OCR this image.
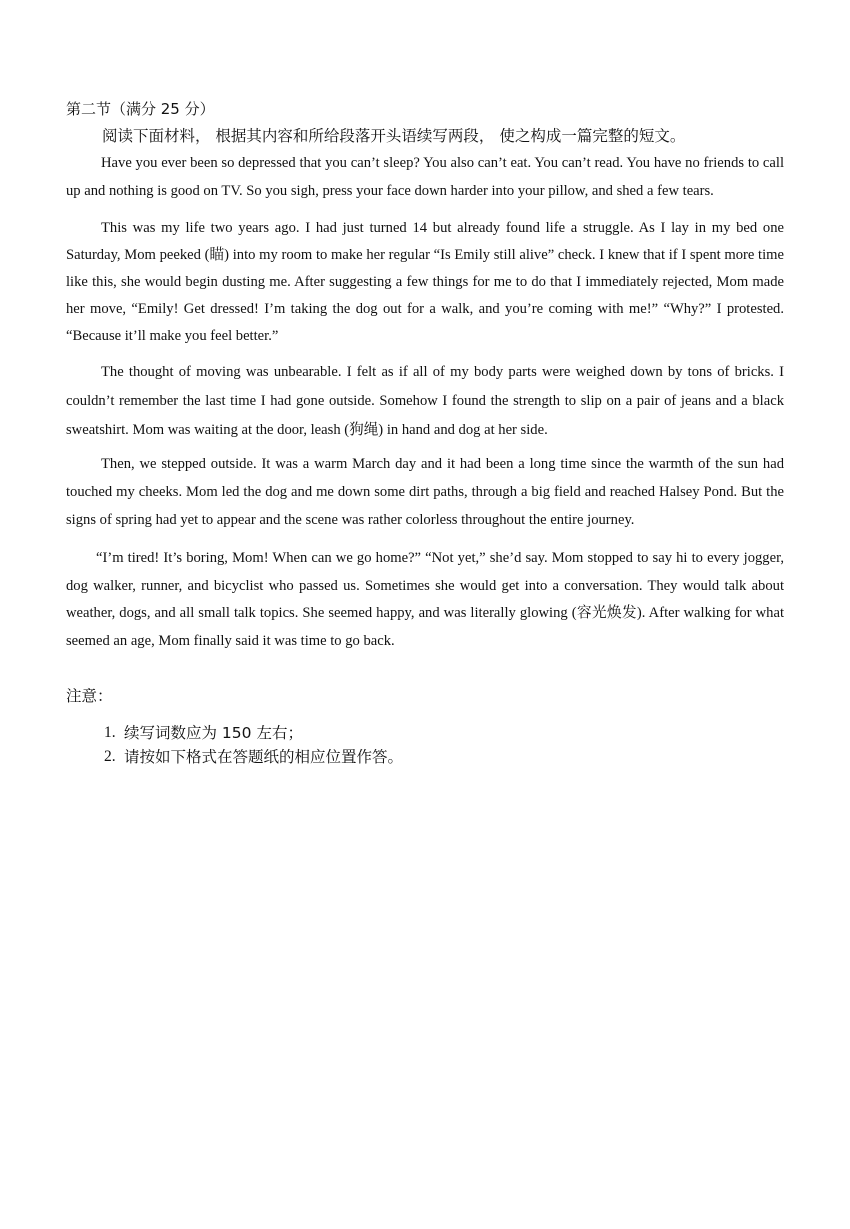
第二节（满分 25 分）

阅读下面材料， 根据其内容和所给段落开头语续写两段， 使之构成一篇完整的短文。

Have you ever been so depressed that you can’t sleep? You also can’t eat. You can’t read. You have no friends to call up and nothing is good on TV. So you sigh, press your face down harder into your pillow, and shed a few tears.

This was my life two years ago. I had just turned 14 but already found life a struggle. As I lay in my bed one Saturday, Mom peeked (瞄) into my room to make her regular “Is Emily still alive” check. I knew that if I spent more time like this, she would begin dusting me. After suggesting a few things for me to do that I immediately rejected, Mom made her move, “Emily! Get dressed! I’m taking the dog out for a walk, and you’re coming with me!” “Why?” I protested. “Because it’ll make you feel better.”

The thought of moving was unbearable. I felt as if all of my body parts were weighed down by tons of bricks. I couldn’t remember the last time I had gone outside. Somehow I found the strength to slip on a pair of jeans and a black sweatshirt. Mom was waiting at the door, leash (狗绳) in hand and dog at her side.

Then, we stepped outside. It was a warm March day and it had been a long time since the warmth of the sun had touched my cheeks. Mom led the dog and me down some dirt paths, through a big field and reached Halsey Pond. But the signs of spring had yet to appear and the scene was rather colorless throughout the entire journey.

“I’m tired! It’s boring, Mom! When can we go home?” “Not yet,” she’d say. Mom stopped to say hi to every jogger, dog walker, runner, and bicyclist who passed us. Sometimes she would get into a conversation. They would talk about weather, dogs, and all small talk topics. She seemed happy, and was literally glowing (容光焕发). After walking for what seemed an age, Mom finally said it was time to go back.

注意：

1. 续写词数应为 150 左右；
2. 请按如下格式在答题纸的相应位置作答。
